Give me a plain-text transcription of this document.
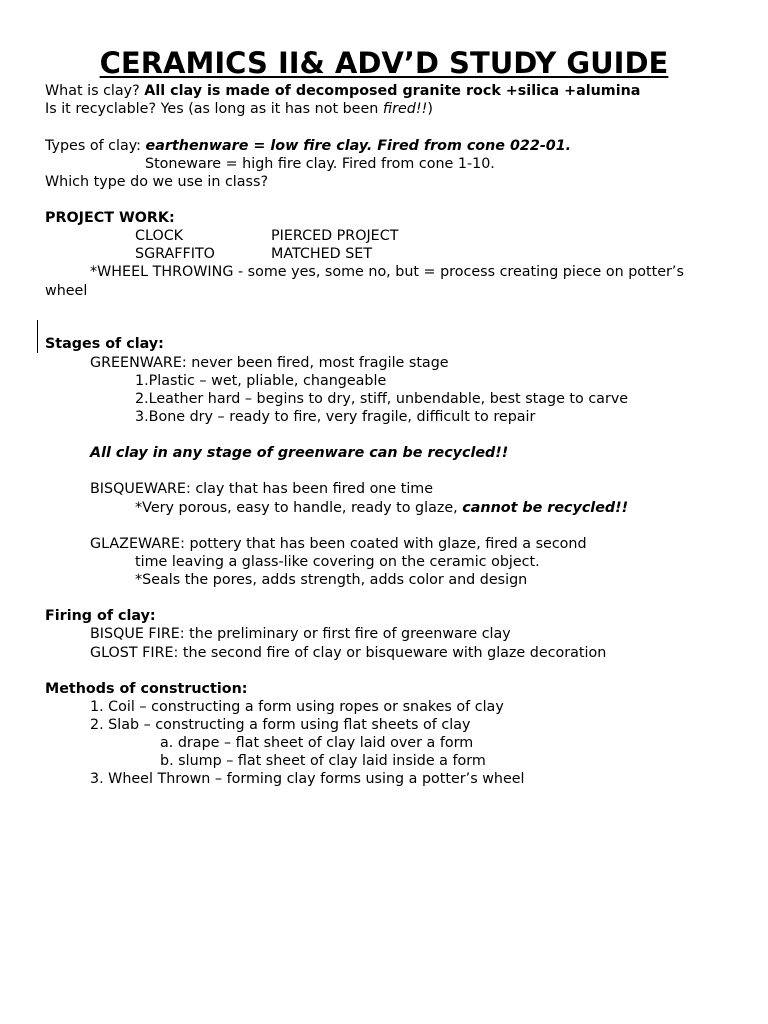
CERAMICS II& ADV’D STUDY GUIDE
What is clay? All clay is made of decomposed granite rock +silica +alumina
Is it recyclable? Yes (as long as it has not been fired!!)
Types of clay: earthenware = low fire clay. Fired from cone 022-01.
Stoneware = high fire clay. Fired from cone 1-10.
Which type do we use in class?
PROJECT WORK:
CLOCK	PIERCED PROJECT
SGRAFFITO	MATCHED SET
*WHEEL THROWING - some yes, some no, but = process creating piece on potter’s
wheel
Stages of clay:
GREENWARE: never been fired, most fragile stage
1.Plastic – wet, pliable, changeable
2.Leather hard – begins to dry, stiff, unbendable, best stage to carve
3.Bone dry – ready to fire, very fragile, difficult to repair
All clay in any stage of greenware can be recycled!!
BISQUEWARE: clay that has been fired one time
*Very porous, easy to handle, ready to glaze, cannot be recycled!!
GLAZEWARE: pottery that has been coated with glaze, fired a second
time leaving a glass-like covering on the ceramic object.
*Seals the pores, adds strength, adds color and design
Firing of clay:
BISQUE FIRE: the preliminary or first fire of greenware clay
GLOST FIRE: the second fire of clay or bisqueware with glaze decoration
Methods of construction:
1. Coil – constructing a form using ropes or snakes of clay
2. Slab – constructing a form using flat sheets of clay
a. drape – flat sheet of clay laid over a form
b. slump – flat sheet of clay laid inside a form
3. Wheel Thrown – forming clay forms using a potter’s wheel
